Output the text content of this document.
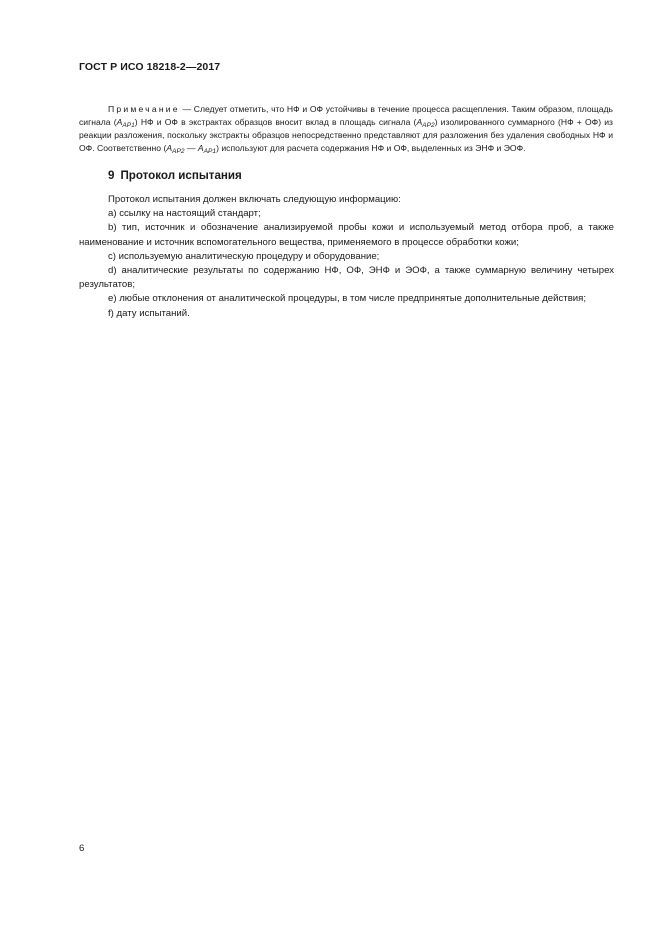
ГОСТ Р ИСО 18218-2—2017

Примечание — Следует отметить, что НФ и ОФ устойчивы в течение процесса расщепления. Таким образом, площадь сигнала $(A_{AP1})$ НФ и ОФ в экстрактах образцов вносит вклад в площадь сигнала $(A_{AP2})$ изолированного суммарного (НФ + ОФ) из реакции разложения, поскольку экстракты образцов непосредственно представляют для разложения без удаления свободных НФ и ОФ. Соответственно ($A_{AP2}$ — $A_{AP1}$) используют для расчета содержания НФ и ОФ, выделенных из ЭНФ и ЭОФ.

9 Протокол испытания

Протокол испытания должен включать следующую информацию:

а) ссылку на настоящий стандарт;

b) тип, источник и обозначение анализируемой пробы кожи и используемый метод отбора проб, а также наименование и источник вспомогательного вещества, применяемого в процессе обработки кожи;

c) используемую аналитическую процедуру и оборудование;

d) аналитические результаты по содержанию НФ, ОФ, ЭНФ и ЭОФ, а также суммарную величину четырех результатов;

e) любые отклонения от аналитической процедуры, в том числе предпринятые дополнительные действия;

f) дату испытаний.

6
